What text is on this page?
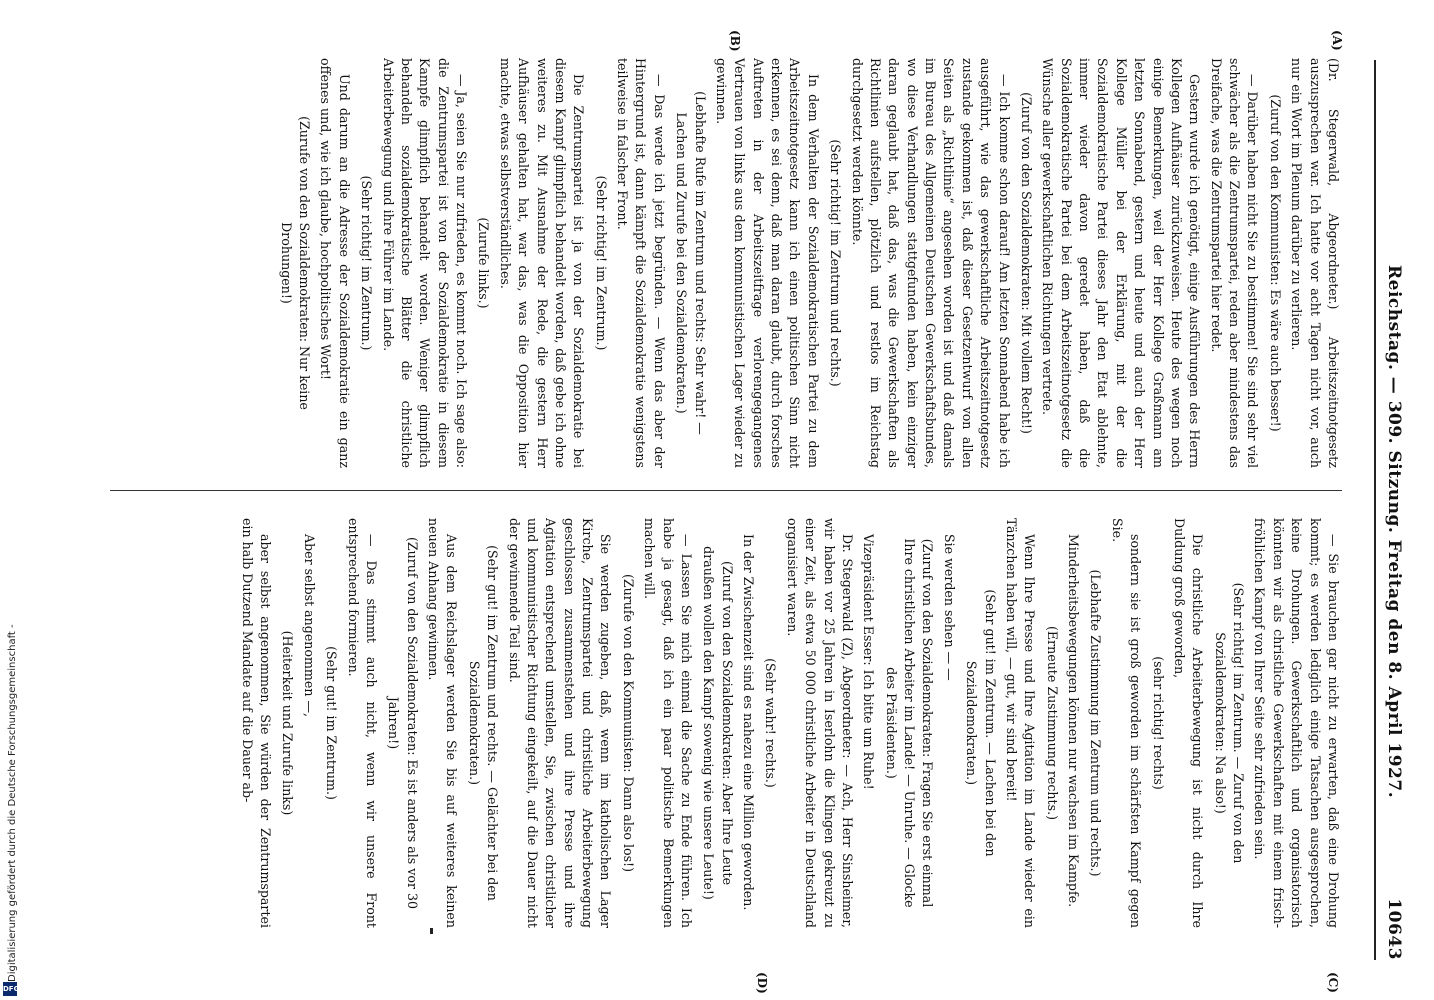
Reichstag. — 309. Sitzung. Freitag den 8. April 1927.
10643
(A)
(B)
(C)
(D)

(Dr. Stegerwald, Abgeordneter.) Arbeitszeitnotgesetz auszusprechen war. Ich hatte vor acht Tagen nicht vor, auch nur ein Wort im Plenum darüber zu verlieren.

(Zuruf von den Kommunisten: Es wäre auch besser!)

— Darüber haben nicht Sie zu bestimmen! Sie sind sehr viel schwächer als die Zentrumspartei, reden aber mindestens das Dreifache, was die Zentrumspartei hier redet.

Gestern wurde ich genötigt, einige Ausführungen des Herrn Kollegen Aufhäuser zurückzuweisen. Heute des wegen noch einige Bemerkungen, weil der Herr Kollege Graßmann am letzten Sonnabend, gestern und heute und auch der Herr Kollege Müller bei der Erklärung, mit der die Sozialdemokratische Partei dieses Jahr den Etat ablehnte, immer wieder davon geredet haben, daß die Sozialdemokratische Partei bei dem Arbeitszeitnotgesetz die Wünsche aller gewerkschaftlichen Richtungen vertrete.

(Zuruf von den Sozialdemokraten: Mit vollem Recht!)

— Ich komme schon darauf! Am letzten Sonnabend habe ich ausgeführt, wie das gewerkschaftliche Arbeitszeitnotgesetz zustande gekommen ist, daß dieser Gesetzentwurf von allen Seiten als „Richtlinie“ angesehen worden ist und daß damals im Bureau des Allgemeinen Deutschen Gewerkschaftsbundes, wo diese Verhandlungen stattgefunden haben, kein einziger daran geglaubt hat, daß das, was die Gewerkschaften als Richtlinien aufstellen, plötzlich und restlos im Reichstag durchgesetzt werden könnte.

(Sehr richtig! im Zentrum und rechts.)

In dem Verhalten der Sozialdemokratischen Partei zu dem Arbeitszeitnotgesetz kann ich einen politischen Sinn nicht erkennen, es sei denn, daß man daran glaubt, durch forsches Auftreten in der Arbeitszeitfrage verlorengegangenes Vertrauen von links aus dem kommunistischen Lager wieder zu gewinnen.

(Lebhafte Rufe im Zentrum und rechts: Sehr wahr! — Lachen und Zurufe bei den Sozialdemokraten.)

— Das werde ich jetzt begründen. — Wenn das aber der Hintergrund ist, dann kämpft die Sozialdemokratie wenigstens teilweise in falscher Front.

(Sehr richtig! im Zentrum.)

Die Zentrumspartei ist ja von der Sozialdemokratie bei diesem Kampf glimpflich behandelt worden, daß gebe ich ohne weiteres zu. Mit Ausnahme der Rede, die gestern Herr Aufhäuser gehalten hat, war das, was die Opposition hier machte, etwas selbstverständliches.

(Zurufe links.)

— Ja, seien Sie nur zufrieden, es kommt noch. Ich sage also: die Zentrumspartei ist von der Sozialdemokratie in diesem Kampfe glimpflich behandelt worden. Weniger glimpflich behandeln sozialdemokratische Blätter die christliche Arbeiterbewegung und ihre Führer im Lande.

(Sehr richtig! im Zentrum.)

Und darum an die Adresse der Sozialdemokratie ein ganz offenes und, wie ich glaube, hochpolitisches Wort!

(Zurufe von den Sozialdemokraten: Nur keine Drohungen!)

— Sie brauchen gar nicht zu erwarten, daß eine Drohung kommt; es werden lediglich einige Tatsachen ausgesprochen, keine Drohungen. Gewerkschaftlich und organisatorisch könnten wir als christliche Gewerkschaften mit einem frisch-fröhlichen Kampf von Ihrer Seite sehr zufrieden sein.

(Sehr richtig! im Zentrum. — Zuruf von den Sozialdemokraten: Na also!)

Die christliche Arbeiterbewegung ist nicht durch Ihre Duldung groß geworden,

(sehr richtig! rechts)

sondern sie ist groß geworden im schärfsten Kampf gegen Sie.

(Lebhafte Zustimmung im Zentrum und rechts.)

Minderheitsbewegungen können nur wachsen im Kampfe.

(Erneute Zustimmung rechts.)

Wenn Ihre Presse und Ihre Agitation im Lande wieder ein Tänzchen haben will, — gut, wir sind bereit!

(Sehr gut! im Zentrum. — Lachen bei den Sozialdemokraten.)

Sie werden sehen — —

(Zuruf von den Sozialdemokraten: Fragen Sie erst einmal Ihre christlichen Arbeiter im Lande! — Unruhe. — Glocke des Präsidenten.)

Vizepräsident Esser: Ich bitte um Ruhe!

Dr. Stegerwald (Z), Abgeordneter: — Ach, Herr Sinsheimer, wir haben vor 25 Jahren in Iserlohn die Klingen gekreuzt zu einer Zeit, als etwa 50 000 christliche Arbeiter in Deutschland organisiert waren.

(Sehr wahr! rechts.)

In der Zwischenzeit sind es nahezu eine Million geworden.

(Zuruf von den Sozialdemokraten: Aber Ihre Leute draußen wollen den Kampf sowenig wie unsere Leute!)

— Lassen Sie mich einmal die Sache zu Ende führen. Ich habe ja gesagt, daß ich ein paar politische Bemerkungen machen will.

(Zurufe von den Kommunisten: Dann also los!)

Sie werden zugeben, daß, wenn im katholischen Lager Kirche, Zentrumspartei und christliche Arbeiterbewegung geschlossen zusammenstehen und ihre Presse und ihre Agitation entsprechend umstellen, Sie, zwischen christlicher und kommunistischer Richtung eingekeilt, auf die Dauer nicht der gewinnende Teil sind.

(Sehr gut! im Zentrum und rechts. — Gelächter bei den Sozialdemokraten.)

Aus dem Reichslager werden Sie bis auf weiteres keinen neuen Anhang gewinnen.

(Zuruf von den Sozialdemokraten: Es ist anders als vor 30 Jahren!)

— Das stimmt auch nicht, wenn wir unsere Front entsprechend formieren.

(Sehr gut! im Zentrum.)

Aber selbst angenommen —,

(Heiterkeit und Zurufe links)

aber selbst angenommen, Sie würden der Zentrumspartei ein halb Dutzend Mandate auf die Dauer ab-

Digitalisierung gefördert durch die Deutsche Forschungsgemeinschaft -
DFG
